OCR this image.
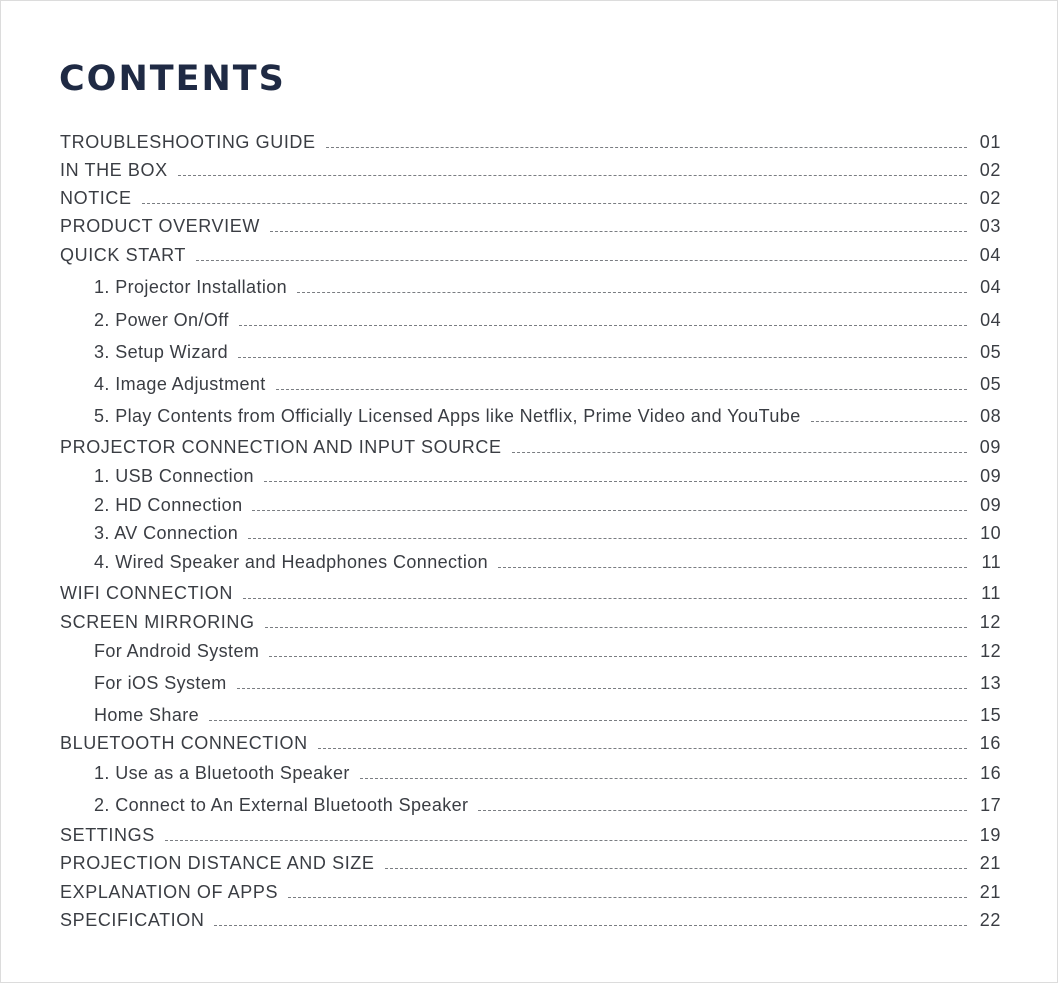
CONTENTS
TROUBLESHOOTING GUIDE	01
IN THE BOX	02
NOTICE	02
PRODUCT OVERVIEW	03
QUICK START	04
1. Projector Installation	04
2. Power On/Off	04
3. Setup Wizard	05
4. Image Adjustment	05
5. Play Contents from Officially Licensed Apps like Netflix, Prime Video and YouTube	08
PROJECTOR CONNECTION AND INPUT SOURCE	09
1. USB Connection	09
2. HD Connection	09
3. AV Connection	10
4. Wired Speaker and Headphones Connection	11
WIFI CONNECTION	11
SCREEN MIRRORING	12
For Android System	12
For iOS System	13
Home Share	15
BLUETOOTH CONNECTION	16
1. Use as a Bluetooth Speaker	16
2. Connect to An External Bluetooth Speaker	17
SETTINGS	19
PROJECTION DISTANCE AND SIZE	21
EXPLANATION OF APPS	21
SPECIFICATION	22
